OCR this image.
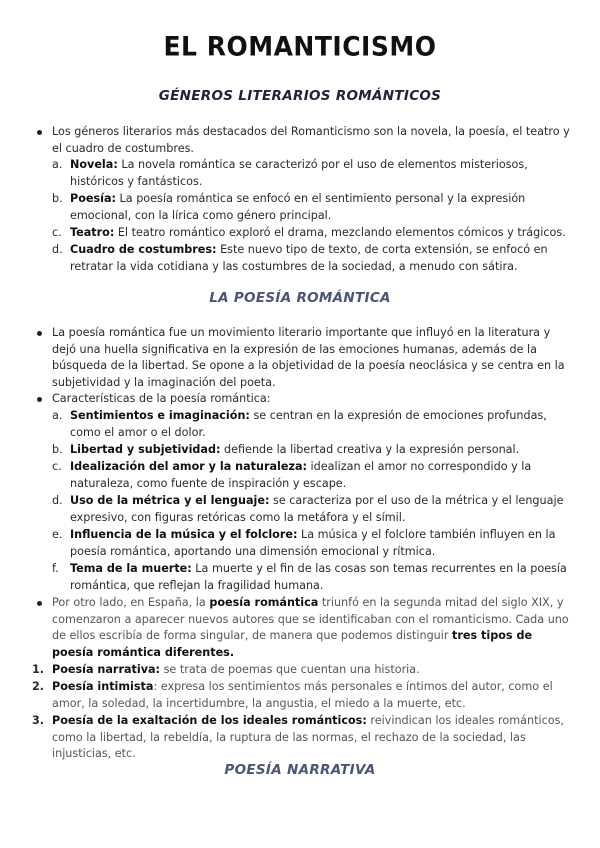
EL ROMANTICISMO
GÉNEROS LITERARIOS ROMÁNTICOS
Los géneros literarios más destacados del Romanticismo son la novela, la poesía, el teatro y el cuadro de costumbres.
a. Novela: La novela romántica se caracterizó por el uso de elementos misteriosos, históricos y fantásticos.
b. Poesía: La poesía romántica se enfocó en el sentimiento personal y la expresión emocional, con la lírica como género principal.
c. Teatro: El teatro romántico exploró el drama, mezclando elementos cómicos y trágicos.
d. Cuadro de costumbres: Este nuevo tipo de texto, de corta extensión, se enfocó en retratar la vida cotidiana y las costumbres de la sociedad, a menudo con sátira.
LA POESÍA ROMÁNTICA
La poesía romántica fue un movimiento literario importante que influyó en la literatura y dejó una huella significativa en la expresión de las emociones humanas, además de la búsqueda de la libertad. Se opone a la objetividad de la poesía neoclásica y se centra en la subjetividad y la imaginación del poeta.
Características de la poesía romántica:
a. Sentimientos e imaginación: se centran en la expresión de emociones profundas, como el amor o el dolor.
b. Libertad y subjetividad: defiende la libertad creativa y la expresión personal.
c. Idealización del amor y la naturaleza: idealizan el amor no correspondido y la naturaleza, como fuente de inspiración y escape.
d. Uso de la métrica y el lenguaje: se caracteriza por el uso de la métrica y el lenguaje expresivo, con figuras retóricas como la metáfora y el símil.
e. Influencia de la música y el folclore: La música y el folclore también influyen en la poesía romántica, aportando una dimensión emocional y rítmica.
f. Tema de la muerte: La muerte y el fin de las cosas son temas recurrentes en la poesía romántica, que reflejan la fragilidad humana.
Por otro lado, en España, la poesía romántica triunfó en la segunda mitad del siglo XIX, y comenzaron a aparecer nuevos autores que se identificaban con el romanticismo. Cada uno de ellos escribía de forma singular, de manera que podemos distinguir tres tipos de poesía romántica diferentes.
1. Poesía narrativa: se trata de poemas que cuentan una historia.
2. Poesía intimista: expresa los sentimientos más personales e íntimos del autor, como el amor, la soledad, la incertidumbre, la angustia, el miedo a la muerte, etc.
3. Poesía de la exaltación de los ideales románticos: reivindican los ideales románticos, como la libertad, la rebeldía, la ruptura de las normas, el rechazo de la sociedad, las injusticias, etc.
POESÍA NARRATIVA
